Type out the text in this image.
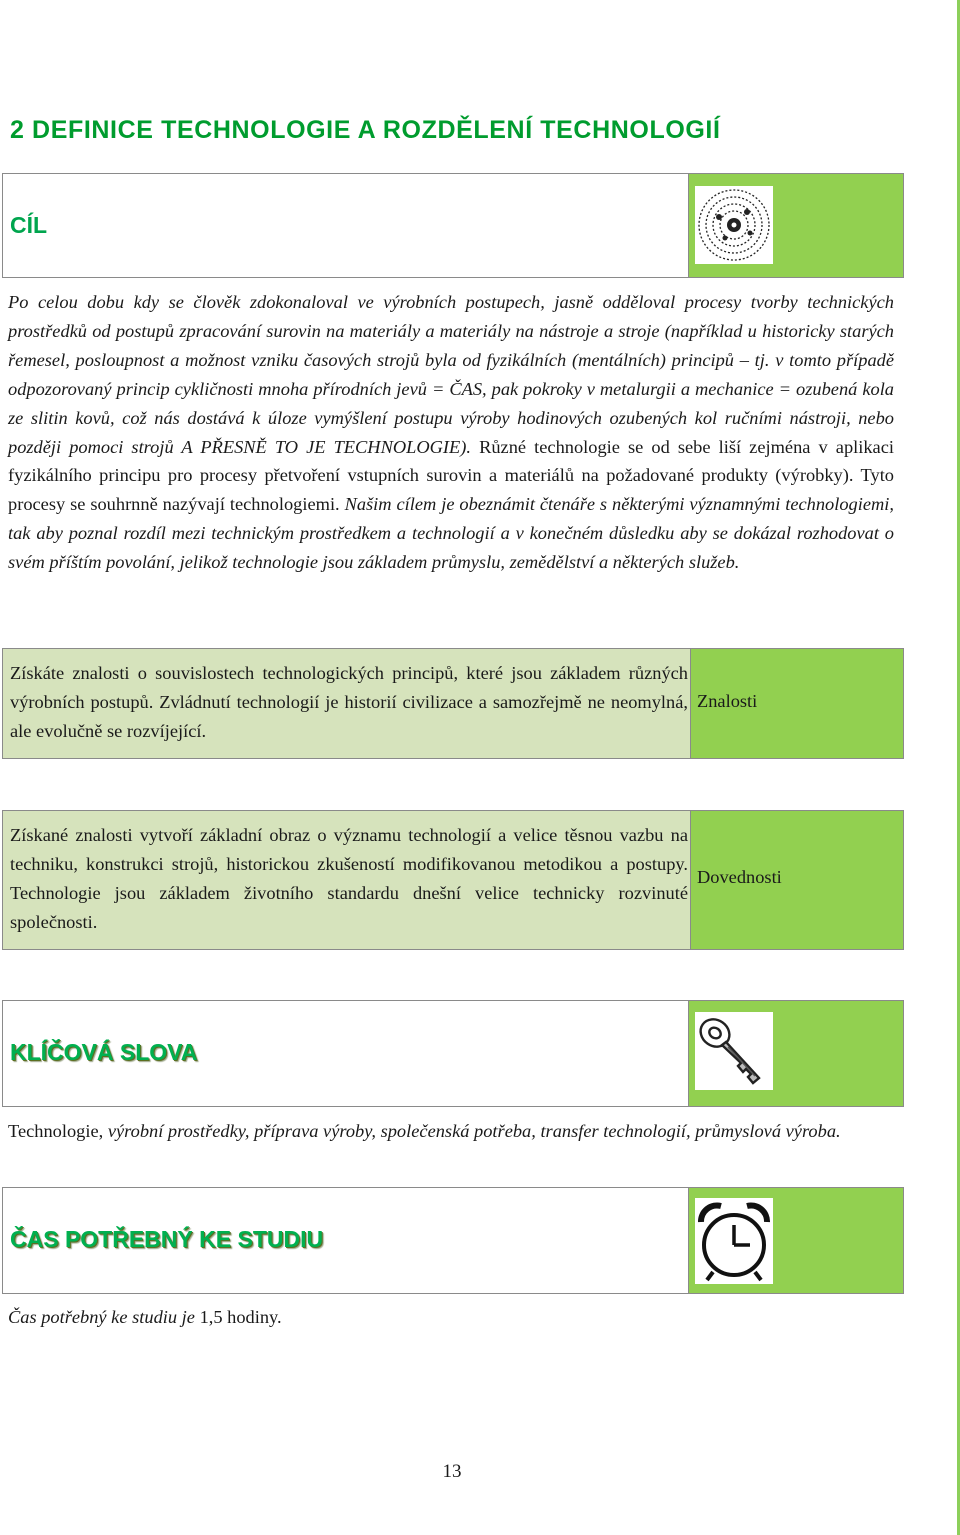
2 DEFINICE TECHNOLOGIE A ROZDĚLENÍ TECHNOLOGIÍ
CÍL

Po celou dobu kdy se člověk zdokonaloval ve výrobních postupech, jasně odděloval procesy tvorby technických prostředků od postupů zpracování surovin na materiály a materiály na nástroje a stroje (například u historicky starých řemesel, posloupnost a možnost vzniku časových strojů byla od fyzikálních (mentálních) principů – tj. v tomto případě odpozorovaný princip cykličnosti mnoha přírodních jevů = ČAS, pak pokroky v metalurgii a mechanice = ozubená kola ze slitin kovů, což nás dostává k úloze vymýšlení postupu výroby hodinových ozubených kol ručními nástroji, nebo později pomoci strojů A PŘESNĚ TO JE TECHNOLOGIE). Různé technologie se od sebe liší zejména v aplikaci fyzikálního principu pro procesy přetvoření vstupních surovin a materiálů na požadované produkty (výrobky). Tyto procesy se souhrnně nazývají technologiemi. Našim cílem je obeznámit čtenáře s některými významnými technologiemi, tak aby poznal rozdíl mezi technickým prostředkem a technologií a v konečném důsledku aby se dokázal rozhodovat o svém příštím povolání, jelikož technologie jsou základem průmyslu, zemědělství a některých služeb.

Získáte znalosti o souvislostech technologických principů, které jsou základem různých výrobních postupů. Zvládnutí technologií je historií civilizace a samozřejmě ne neomylná, ale evolučně se rozvíjející.

Znalosti

Získané znalosti vytvoří základní obraz o významu technologií a velice těsnou vazbu na techniku, konstrukci strojů, historickou zkušeností modifikovanou metodikou a postupy. Technologie jsou základem životního standardu dnešní velice technicky rozvinuté společnosti.

Dovednosti
KLÍČOVÁ SLOVA

Technologie, výrobní prostředky, příprava výroby, společenská potřeba, transfer technologií, průmyslová výroba.

ČAS POTŘEBNÝ KE STUDIU

Čas potřebný ke studiu je 1,5 hodiny.

13
